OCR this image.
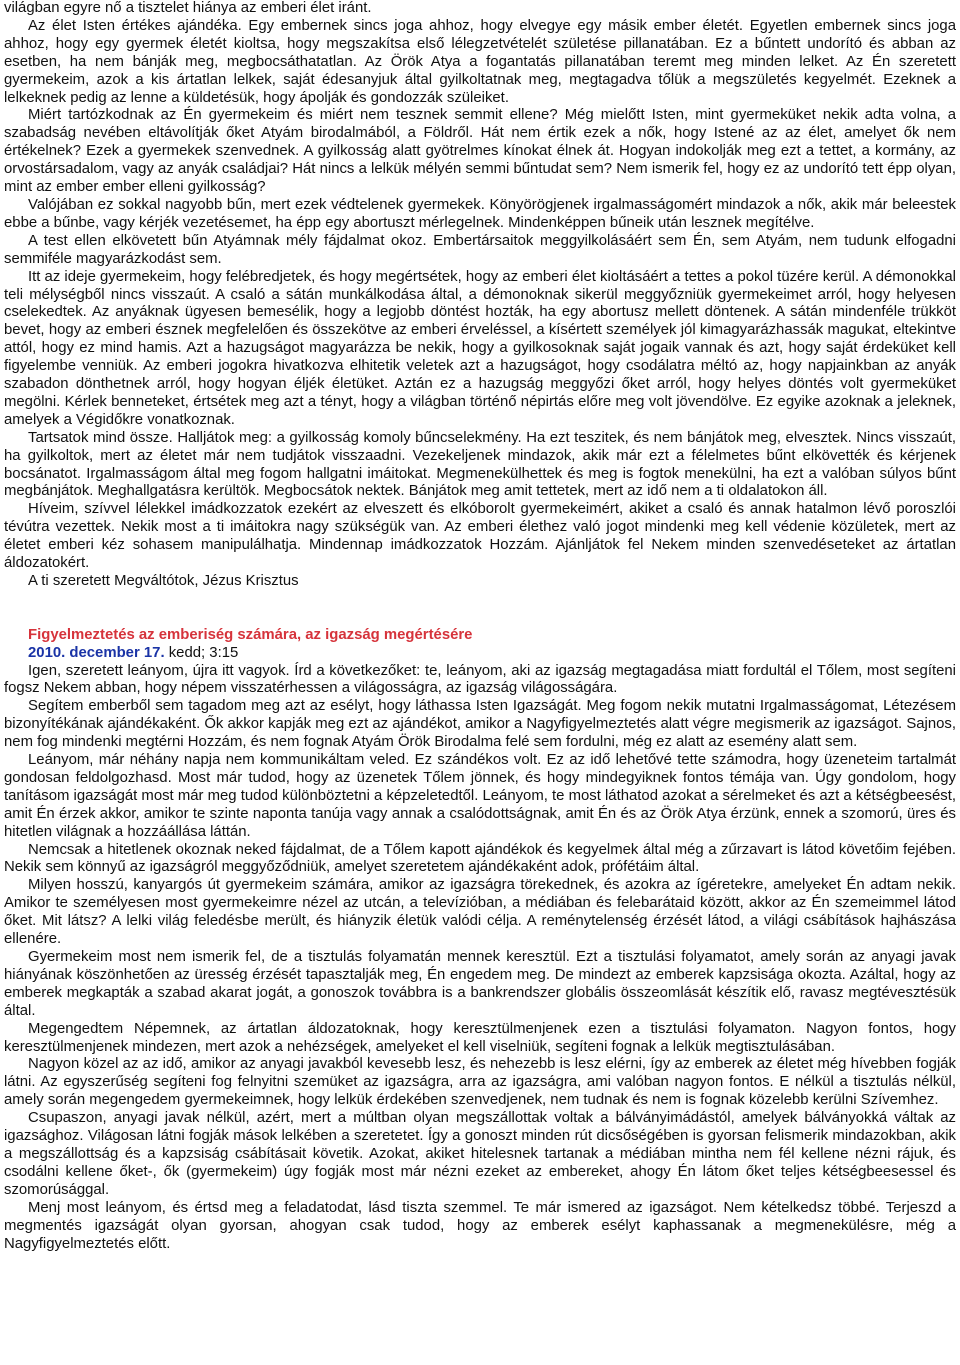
világban egyre nő a tisztelet hiánya az emberi élet iránt.

Az élet Isten értékes ajándéka. Egy embernek sincs joga ahhoz, hogy elvegye egy másik ember életét. Egyetlen embernek sincs joga ahhoz, hogy egy gyermek életét kioltsa, hogy megszakítsa első lélegzetvételét születése pillanatában. Ez a bűntett undorító és abban az esetben, ha nem bánják meg, megbocsáthatatlan. Az Örök Atya a fogantatás pillanatában teremt meg minden lelket. Az Én szeretett gyermekeim, azok a kis ártatlan lelkek, saját édesanyjuk által gyilkoltatnak meg, megtagadva tőlük a megszületés kegyelmét. Ezeknek a lelkeknek pedig az lenne a küldetésük, hogy ápolják és gondozzák szüleiket.

Miért tartózkodnak az Én gyermekeim és miért nem tesznek semmit ellene? Még mielőtt Isten, mint gyermeküket nekik adta volna, a szabadság nevében eltávolítják őket Atyám birodalmából, a Földről. Hát nem értik ezek a nők, hogy Istené az az élet, amelyet ők nem értékelnek? Ezek a gyermekek szenvednek. A gyilkosság alatt gyötrelmes kínokat élnek át. Hogyan indokolják meg ezt a tettet, a kormány, az orvostársadalom, vagy az anyák családjai? Hát nincs a lelkük mélyén semmi bűntudat sem? Nem ismerik fel, hogy ez az undorító tett épp olyan, mint az ember ember elleni gyilkosság?

Valójában ez sokkal nagyobb bűn, mert ezek védtelenek gyermekek. Könyörögjenek irgalmasságomért mindazok a nők, akik már beleestek ebbe a bűnbe, vagy kérjék vezetésemet, ha épp egy abortuszt mérlegelnek. Mindenképpen bűneik után lesznek megítélve.

A test ellen elkövetett bűn Atyámnak mély fájdalmat okoz. Embertársaitok meggyilkolásáért sem Én, sem Atyám, nem tudunk elfogadni semmiféle magyarázkodást sem.

Itt az ideje gyermekeim, hogy felébredjetek, és hogy megértsétek, hogy az emberi élet kioltásáért a tettes a pokol tüzére kerül. A démonokkal teli mélységből nincs visszaút. A csaló a sátán munkálkodása által, a démonoknak sikerül meggyőzniük gyermekeimet arról, hogy helyesen cselekedtek. Az anyáknak ügyesen bemesélik, hogy a legjobb döntést hozták, ha egy abortusz mellett döntenek. A sátán mindenféle trükköt bevet, hogy az emberi észnek megfelelően és összekötve az emberi érveléssel, a kísértett személyek jól kimagyarázhassák magukat, eltekintve attól, hogy ez mind hamis. Azt a hazugságot magyarázza be nekik, hogy a gyilkosoknak saját jogaik vannak és azt, hogy saját érdeküket kell figyelembe venniük. Az emberi jogokra hivatkozva elhitetik veletek azt a hazugságot, hogy csodálatra méltó az, hogy napjainkban az anyák szabadon dönthetnek arról, hogy hogyan éljék életüket. Aztán ez a hazugság meggyőzi őket arról, hogy helyes döntés volt gyermeküket megölni. Kérlek benneteket, értsétek meg azt a tényt, hogy a világban történő népirtás előre meg volt jövendölve. Ez egyike azoknak a jeleknek, amelyek a Végidőkre vonatkoznak.

Tartsatok mind össze. Halljátok meg: a gyilkosság komoly bűncselekmény. Ha ezt teszitek, és nem bánjátok meg, elvesztek. Nincs visszaút, ha gyilkoltok, mert az életet már nem tudjátok visszaadni. Vezekeljenek mindazok, akik már ezt a félelmetes bűnt elkövették és kérjenek bocsánatot. Irgalmasságom által meg fogom hallgatni imáitokat. Megmenekülhettek és meg is fogtok menekülni, ha ezt a valóban súlyos bűnt megbánjátok. Meghallgatásra kerültök. Megbocsátok nektek. Bánjátok meg amit tettetek, mert az idő nem a ti oldalatokon áll.

Híveim, szívvel lélekkel imádkozzatok ezekért az elveszett és elkóborolt gyermekeimért, akiket a csaló és annak hatalmon lévő poroszlói tévútra vezettek. Nekik most a ti imáitokra nagy szükségük van. Az emberi élethez való jogot mindenki meg kell védenie közületek, mert az életet emberi kéz sohasem manipulálhatja. Mindennap imádkozzatok Hozzám. Ajánljátok fel Nekem minden szenvedéseteket az ártatlan áldozatokért.

A ti szeretett Megváltótok, Jézus Krisztus

Figyelmeztetés az emberiség számára, az igazság megértésére

2010. december 17. kedd; 3:15

Igen, szeretett leányom, újra itt vagyok. Írd a következőket: te, leányom, aki az igazság megtagadása miatt fordultál el Tőlem, most segíteni fogsz Nekem abban, hogy népem visszatérhessen a világosságra, az igazság világosságára.

Segítem emberből sem tagadom meg azt az esélyt, hogy láthassa Isten Igazságát. Meg fogom nekik mutatni Irgalmasságomat, Létezésem bizonyítékának ajándékaként. Ők akkor kapják meg ezt az ajándékot, amikor a Nagyfigyelmeztetés alatt végre megismerik az igazságot. Sajnos, nem fog mindenki megtérni Hozzám, és nem fognak Atyám Örök Birodalma felé sem fordulni, még ez alatt az esemény alatt sem.

Leányom, már néhány napja nem kommunikáltam veled. Ez szándékos volt. Ez az idő lehetővé tette számodra, hogy üzeneteim tartalmát gondosan feldolgozhasd. Most már tudod, hogy az üzenetek Tőlem jönnek, és hogy mindegyiknek fontos témája van. Úgy gondolom, hogy tanításom igazságát most már meg tudod különböztetni a képzeletedtől. Leányom, te most láthatod azokat a sérelmeket és azt a kétségbeesést, amit Én érzek akkor, amikor te szinte naponta tanúja vagy annak a csalódottságnak, amit Én és az Örök Atya érzünk, ennek a szomorú, üres és hitetlen világnak a hozzáállása láttán.

Nemcsak a hitetlenek okoznak neked fájdalmat, de a Tőlem kapott ajándékok és kegyelmek által még a zűrzavart is látod követőim fejében. Nekik sem könnyű az igazságról meggyőződniük, amelyet szeretetem ajándékaként adok, prófétáim által.

Milyen hosszú, kanyargós út gyermekeim számára, amikor az igazságra törekednek, és azokra az ígéretekre, amelyeket Én adtam nekik. Amikor te személyesen most gyermekeimre nézel az utcán, a televízióban, a médiában és felebarátaid között, akkor az Én szemeimmel látod őket. Mit látsz? A lelki világ feledésbe merült, és hiányzik életük valódi célja. A reménytelenség érzését látod, a világi csábítások hajhászása ellenére.

Gyermekeim most nem ismerik fel, de a tisztulás folyamatán mennek keresztül. Ezt a tisztulási folyamatot, amely során az anyagi javak hiányának köszönhetően az üresség érzését tapasztalják meg, Én engedem meg. De mindezt az emberek kapzsisága okozta. Azáltal, hogy az emberek megkapták a szabad akarat jogát, a gonoszok továbbra is a bankrendszer globális összeomlását készítik elő, ravasz megtévesztésük által.

Megengedtem Népemnek, az ártatlan áldozatoknak, hogy keresztülmenjenek ezen a tisztulási folyamaton. Nagyon fontos, hogy keresztülmenjenek mindezen, mert azok a nehézségek, amelyeket el kell viselniük, segíteni fognak a lelkük megtisztulásában.

Nagyon közel az az idő, amikor az anyagi javakból kevesebb lesz, és nehezebb is lesz elérni, így az emberek az életet még hívebben fogják látni. Az egyszerűség segíteni fog felnyitni szemüket az igazságra, arra az igazságra, ami valóban nagyon fontos. E nélkül a tisztulás nélkül, amely során megengedem gyermekeimnek, hogy lelkük érdekében szenvedjenek, nem tudnak és nem is fognak közelebb kerülni Szívemhez.

Csupaszon, anyagi javak nélkül, azért, mert a múltban olyan megszállottak voltak a bálványimádástól, amelyek bálványokká váltak az igazsághoz. Világosan látni fogják mások lelkében a szeretetet. Így a gonoszt minden rút dicsőségében is gyorsan felismerik mindazokban, akik a megszállottság és a kapzsiság csábításait követik. Azokat, akiket hitelesnek tartanak a médiában mintha nem fél kellene nézni rájuk, és csodálni kellene őket-, ők (gyermekeim) úgy fogják most már nézni ezeket az embereket, ahogy Én látom őket teljes kétségbeesessel és szomorúsággal.

Menj most leányom, és értsd meg a feladatodat, lásd tiszta szemmel. Te már ismered az igazságot. Nem kételkedsz többé. Terjeszd a megmentés igazságát olyan gyorsan, ahogyan csak tudod, hogy az emberek esélyt kaphassanak a megmenekülésre, még a Nagyfigyelmeztetés előtt.
